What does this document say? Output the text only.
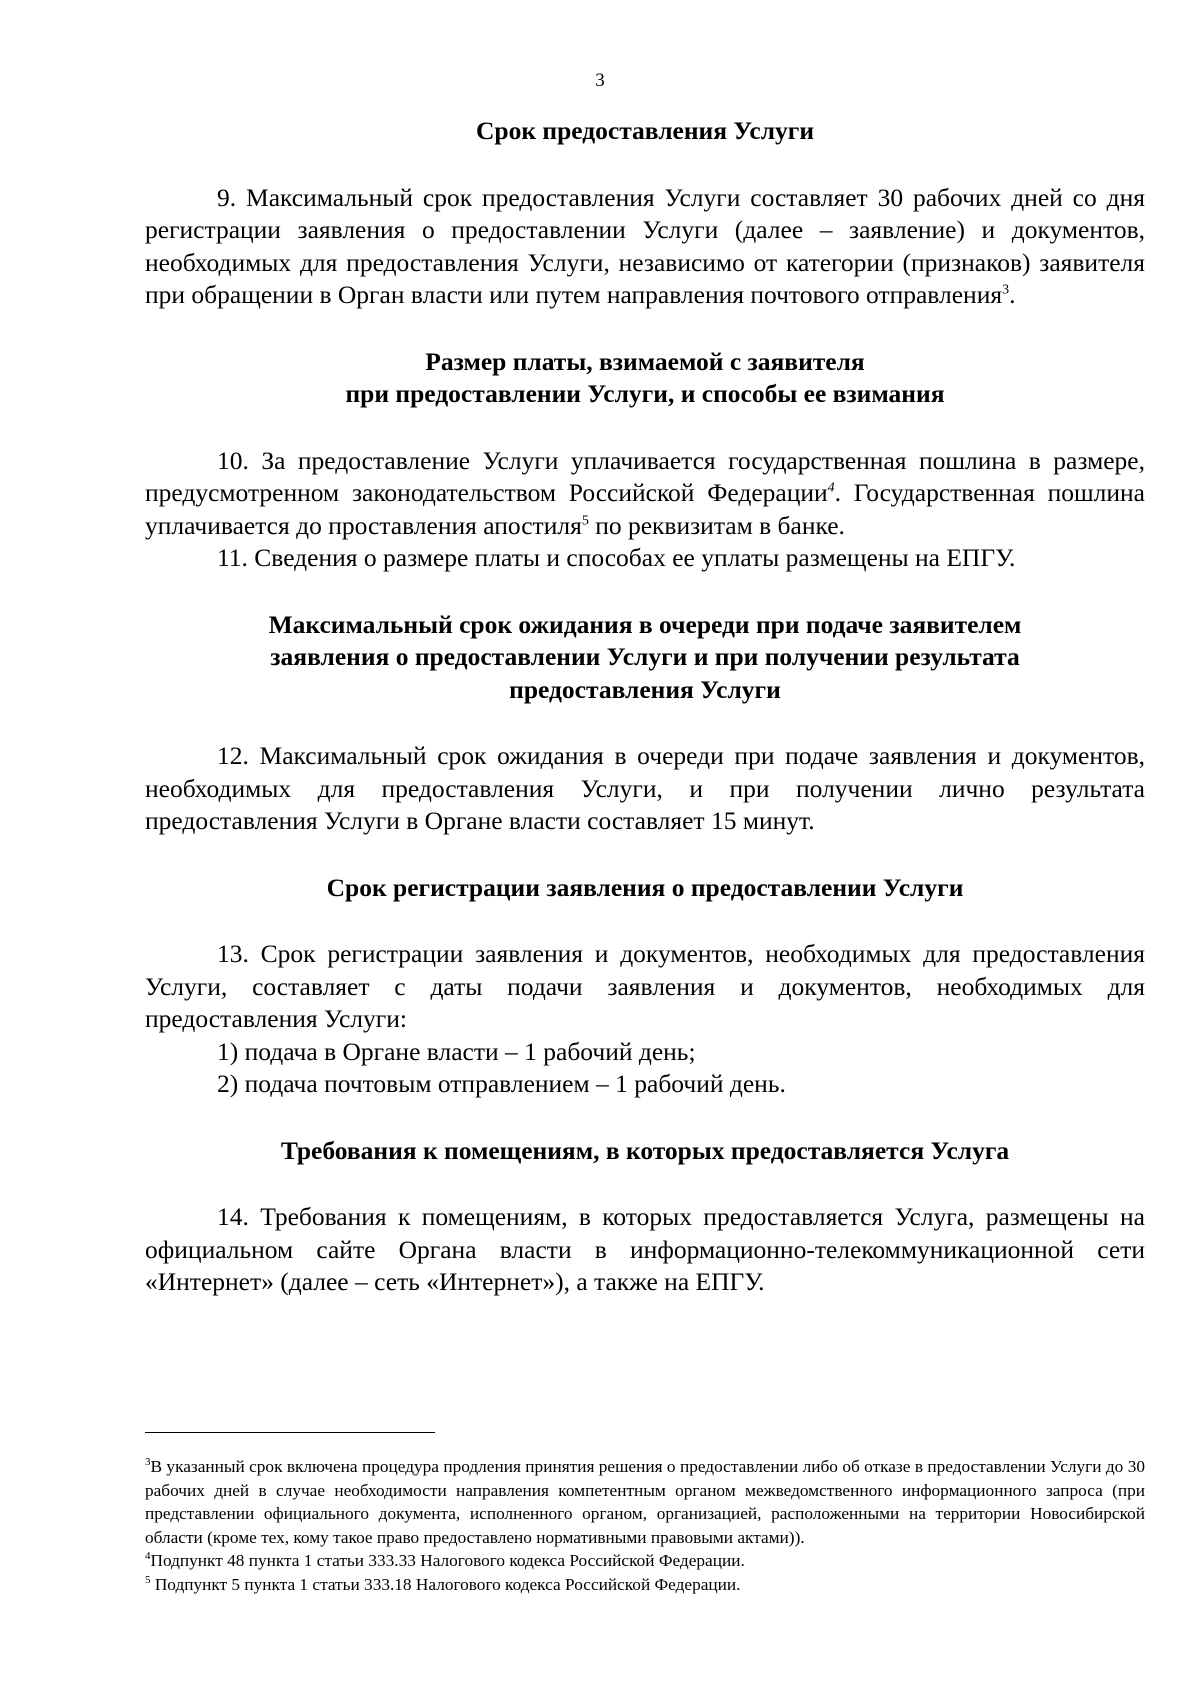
3

Срок предоставления Услуги

9. Максимальный срок предоставления Услуги составляет 30 рабочих дней со дня регистрации заявления о предоставлении Услуги (далее – заявление) и документов, необходимых для предоставления Услуги, независимо от категории (признаков) заявителя при обращении в Орган власти или путем направления почтового отправления$^3$.

Размер платы, взимаемой с заявителя
при предоставлении Услуги, и способы ее взимания

10. За предоставление Услуги уплачивается государственная пошлина в размере, предусмотренном законодательством Российской Федерации$^4$. Государственная пошлина уплачивается до проставления апостиля$^5$ по реквизитам в банке.

11. Сведения о размере платы и способах ее уплаты размещены на ЕПГУ.

Максимальный срок ожидания в очереди при подаче заявителем
заявления о предоставлении Услуги и при получении результата
предоставления Услуги

12. Максимальный срок ожидания в очереди при подаче заявления и документов, необходимых для предоставления Услуги, и при получении лично результата предоставления Услуги в Органе власти составляет 15 минут.

Срок регистрации заявления о предоставлении Услуги

13. Срок регистрации заявления и документов, необходимых для предоставления Услуги, составляет с даты подачи заявления и документов, необходимых для предоставления Услуги:

1) подача в Органе власти – 1 рабочий день;

2) подача почтовым отправлением – 1 рабочий день.

Требования к помещениям, в которых предоставляется Услуга

14. Требования к помещениям, в которых предоставляется Услуга, размещены на официальном сайте Органа власти в информационно-телекоммуникационной сети «Интернет» (далее – сеть «Интернет»), а также на ЕПГУ.

$^3$В указанный срок включена процедура продления принятия решения о предоставлении либо об отказе в предоставлении Услуги до 30 рабочих дней в случае необходимости направления компетентным органом межведомственного информационного запроса (при представлении официального документа, исполненного органом, организацией, расположенными на территории Новосибирской области (кроме тех, кому такое право предоставлено нормативными правовыми актами)).

$^4$Подпункт 48 пункта 1 статьи 333.33 Налогового кодекса Российской Федерации.

$^5$ Подпункт 5 пункта 1 статьи 333.18 Налогового кодекса Российской Федерации.
